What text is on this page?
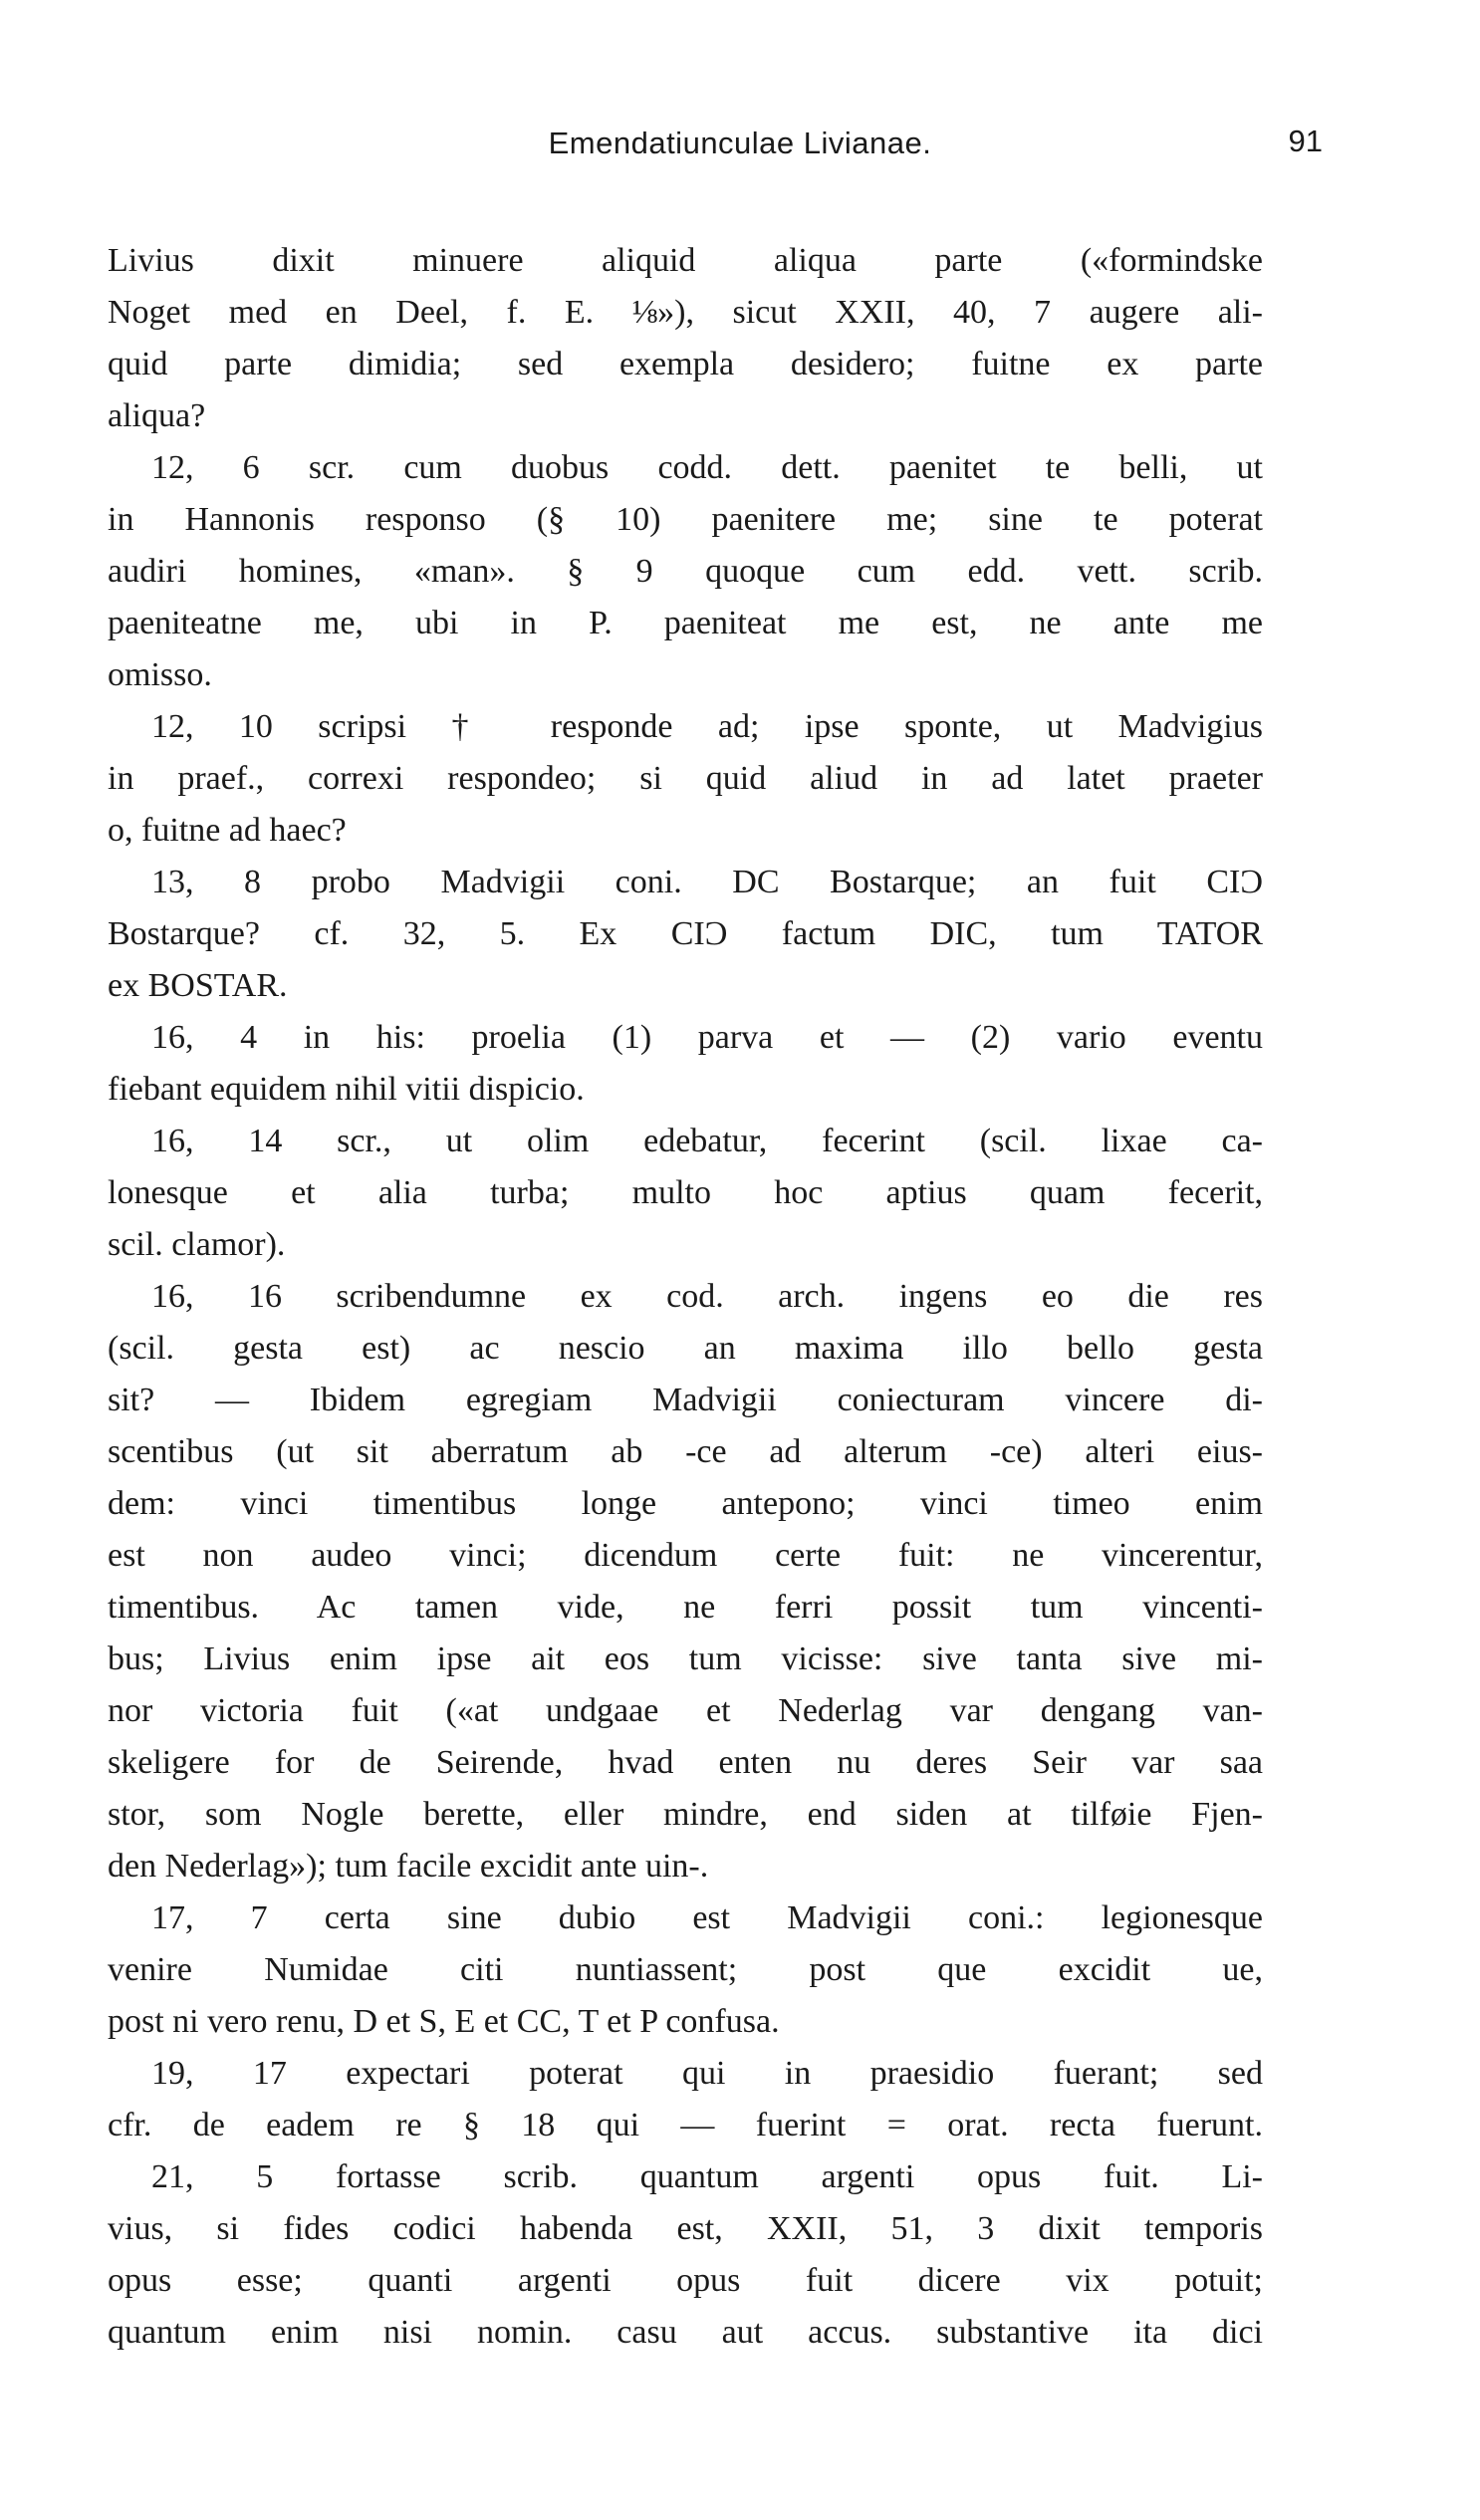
Emendatiunculae Livianae.	91
Livius dixit minuere aliquid aliqua parte («formindske
Noget med en Deel, f. E. ⅛»), sicut XXII, 40, 7 augere ali-
quid parte dimidia; sed exempla desidero; fuitne ex parte
aliqua?
12, 6 scr. cum duobus codd. dett. paenitet te belli, ut
in Hannonis responso (§ 10) paenitere me; sine te poterat
audiri homines, «man». § 9 quoque cum edd. vett. scrib.
paeniteatne me, ubi in P. paeniteat me est, ne ante me
omisso.
12, 10 scripsi † responde ad; ipse sponte, ut Madvigius
in praef., correxi respondeo; si quid aliud in ad latet praeter
o, fuitne ad haec?
13, 8 probo Madvigii coni. DC Bostarque; an fuit CIϽ
Bostarque? cf. 32, 5. Ex CIϽ factum DIC, tum TATOR
ex BOSTAR.
16, 4 in his: proelia (1) parva et — (2) vario eventu
fiebant equidem nihil vitii dispicio.
16, 14 scr., ut olim edebatur, fecerint (scil. lixae ca-
lonesque et alia turba; multo hoc aptius quam fecerit,
scil. clamor).
16, 16 scribendumne ex cod. arch. ingens eo die res
(scil. gesta est) ac nescio an maxima illo bello gesta
sit? — Ibidem egregiam Madvigii coniecturam vincere di-
scentibus (ut sit aberratum ab -ce ad alterum -ce) alteri eius-
dem: vinci timentibus longe antepono; vinci timeo enim
est non audeo vinci; dicendum certe fuit: ne vincerentur,
timentibus. Ac tamen vide, ne ferri possit tum vincenti-
bus; Livius enim ipse ait eos tum vicisse: sive tanta sive mi-
nor victoria fuit («at undgaae et Nederlag var dengang van-
skeligere for de Seirende, hvad enten nu deres Seir var saa
stor, som Nogle berette, eller mindre, end siden at tilføie Fjen-
den Nederlag»); tum facile excidit ante uin-.
17, 7 certa sine dubio est Madvigii coni.: legionesque
venire Numidae citi nuntiassent; post que excidit ue,
post ni vero renu, D et S, E et CC, T et P confusa.
19, 17 expectari poterat qui in praesidio fuerant; sed
cfr. de eadem re § 18 qui — fuerint = orat. recta fuerunt.
21, 5 fortasse scrib. quantum argenti opus fuit. Li-
vius, si fides codici habenda est, XXII, 51, 3 dixit temporis
opus esse; quanti argenti opus fuit dicere vix potuit;
quantum enim nisi nomin. casu aut accus. substantive ita dici
